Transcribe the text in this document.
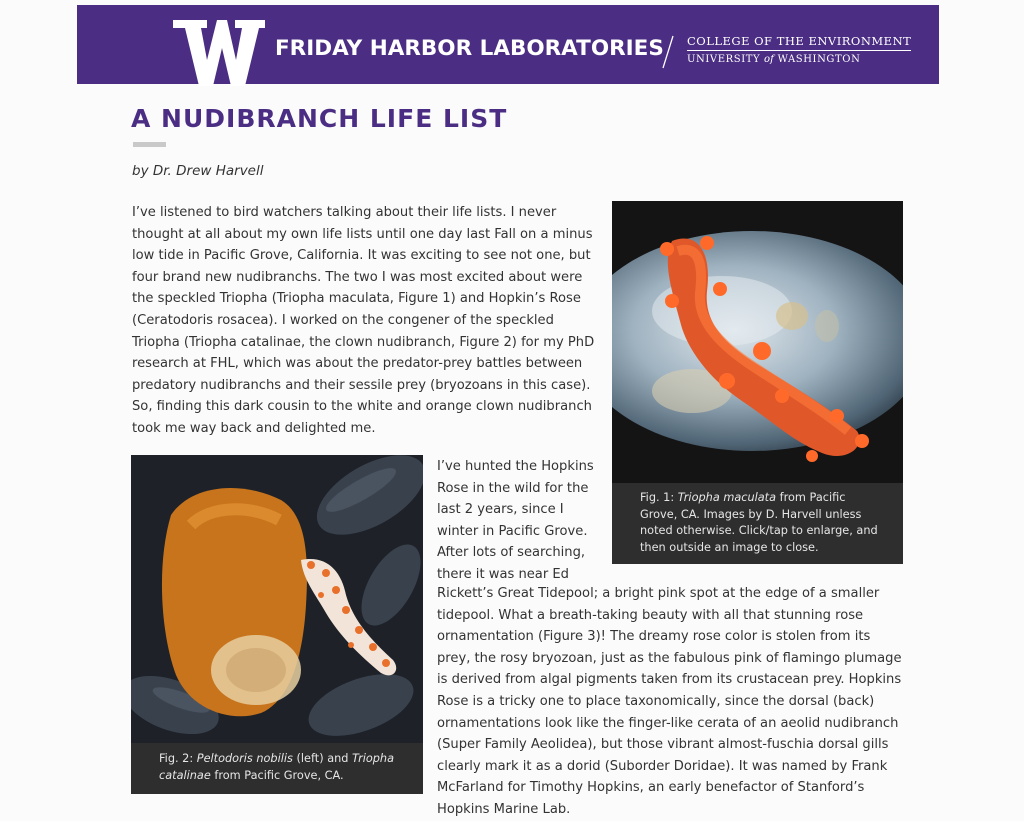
FRIDAY HARBOR LABORATORIES COLLEGE OF THE ENVIRONMENT
UNIVERSITY of WASHINGTON
A NUDIBRANCH LIFE LIST
by Dr. Drew Harvell
I’ve listened to bird watchers talking about their life lists. I never
thought at all about my own life lists until one day last Fall on a minus
low tide in Pacific Grove, California. It was exciting to see not one, but
four brand new nudibranchs. The two I was most excited about were
the speckled Triopha (Triopha maculata, Figure 1) and Hopkin’s Rose
(Ceratodoris rosacea). I worked on the congener of the speckled
Triopha (Triopha catalinae, the clown nudibranch, Figure 2) for my PhD
research at FHL, which was about the predator-prey battles between
predatory nudibranchs and their sessile prey (bryozoans in this case).
So, finding this dark cousin to the white and orange clown nudibranch
took me way back and delighted me.
Fig. 1: Triopha maculata from Pacific
Grove, CA. Images by D. Harvell unless
noted otherwise. Click/tap to enlarge, and
then outside an image to close.
Fig. 2: Peltodoris nobilis (left) and Triopha
catalinae from Pacific Grove, CA.
I’ve hunted the Hopkins
Rose in the wild for the
last 2 years, since I
winter in Pacific Grove.
After lots of searching,
there it was near Ed
Rickett’s Great Tidepool; a bright pink spot at the edge of a smaller
tidepool. What a breath-taking beauty with all that stunning rose
ornamentation (Figure 3)! The dreamy rose color is stolen from its
prey, the rosy bryozoan, just as the fabulous pink of flamingo plumage
is derived from algal pigments taken from its crustacean prey. Hopkins
Rose is a tricky one to place taxonomically, since the dorsal (back)
ornamentations look like the finger-like cerata of an aeolid nudibranch
(Super Family Aeolidea), but those vibrant almost-fuschia dorsal gills
clearly mark it as a dorid (Suborder Doridae). It was named by Frank
McFarland for Timothy Hopkins, an early benefactor of Stanford’s
Hopkins Marine Lab.
